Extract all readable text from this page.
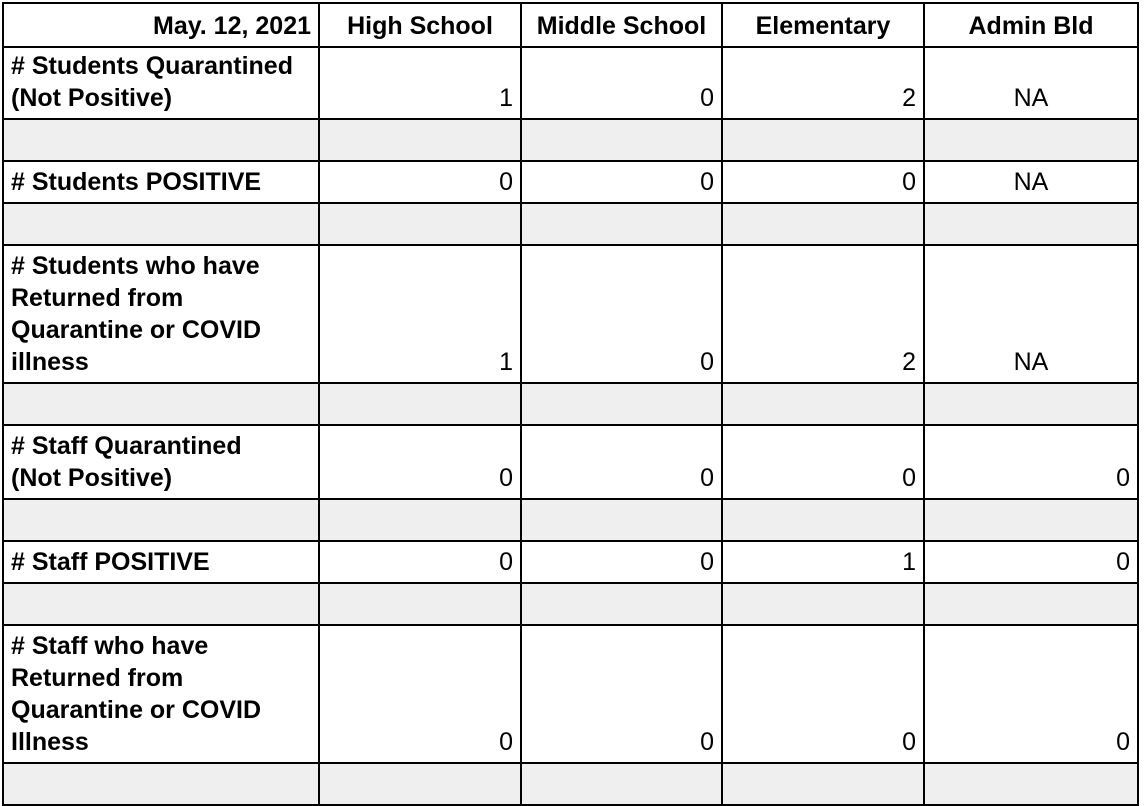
May. 12, 2021	High School	Middle School	Elementary	Admin Bld

# Students Quarantined
(Not Positive)	1	0	2	NA

# Students POSITIVE	0	0	0	NA

# Students who have
Returned from
Quarantine or COVID
illness	1	0	2	NA

# Staff Quarantined
(Not Positive)	0	0	0	0

# Staff POSITIVE	0	0	1	0

# Staff who have
Returned from
Quarantine or COVID
Illness	0	0	0	0
